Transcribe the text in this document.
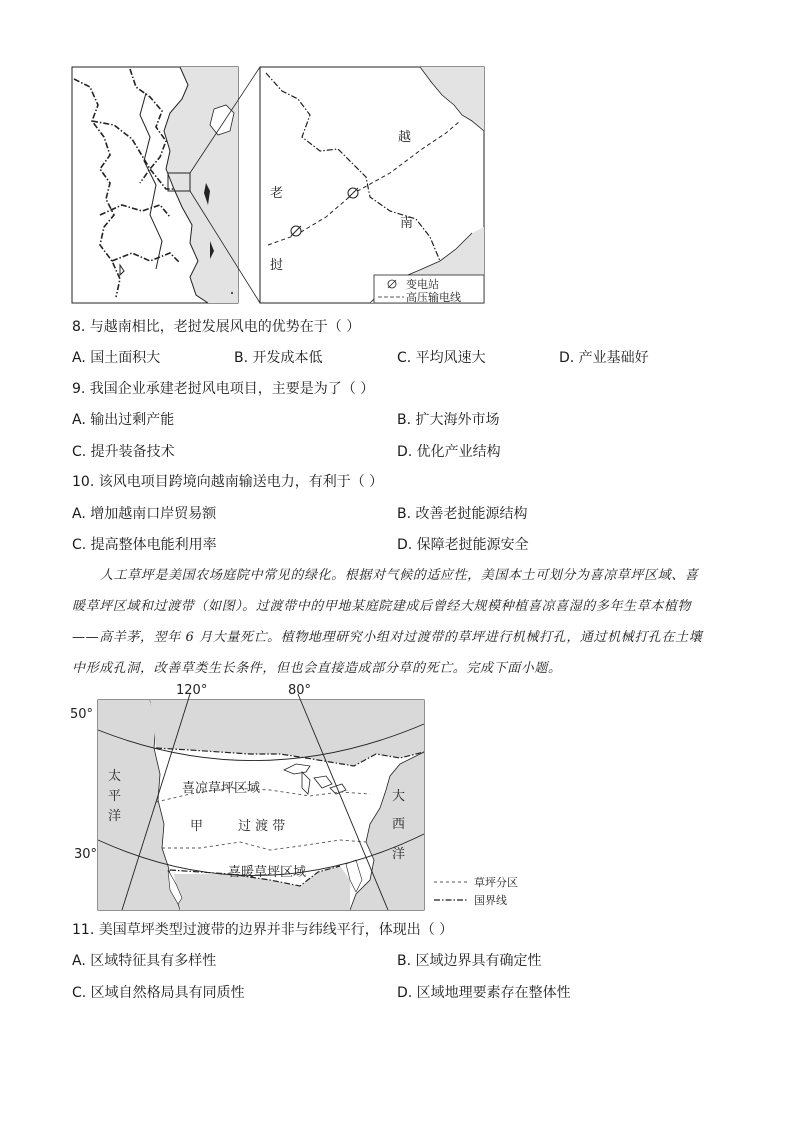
越
南
老
挝
变电站
高压输电线
8. 与越南相比，老挝发展风电的优势在于（ ）
A. 国土面积大	B. 开发成本低	C. 平均风速大	D. 产业基础好
9. 我国企业承建老挝风电项目，主要是为了（ ）
A. 输出过剩产能	B. 扩大海外市场
C. 提升装备技术	D. 优化产业结构
10. 该风电项目跨境向越南输送电力，有利于（ ）
A. 增加越南口岸贸易额	B. 改善老挝能源结构
C. 提高整体电能利用率	D. 保障老挝能源安全
人工草坪是美国农场庭院中常见的绿化。根据对气候的适应性，美国本土可划分为喜凉草坪区域、喜
暖草坪区域和过渡带（如图）。过渡带中的甲地某庭院建成后曾经大规模种植喜凉喜湿的多年生草本植物
——高羊茅，翌年 6 月大量死亡。植物地理研究小组对过渡带的草坪进行机械打孔，通过机械打孔在土壤
中形成孔洞，改善草类生长条件，但也会直接造成部分草的死亡。完成下面小题。
120°	80°
50°
30°
太
平
洋
大
西
洋
喜凉草坪区域
甲	过 渡 带
喜暖草坪区域
草坪分区
国界线
11. 美国草坪类型过渡带的边界并非与纬线平行，体现出（ ）
A. 区域特征具有多样性	B. 区域边界具有确定性
C. 区域自然格局具有同质性	D. 区域地理要素存在整体性
